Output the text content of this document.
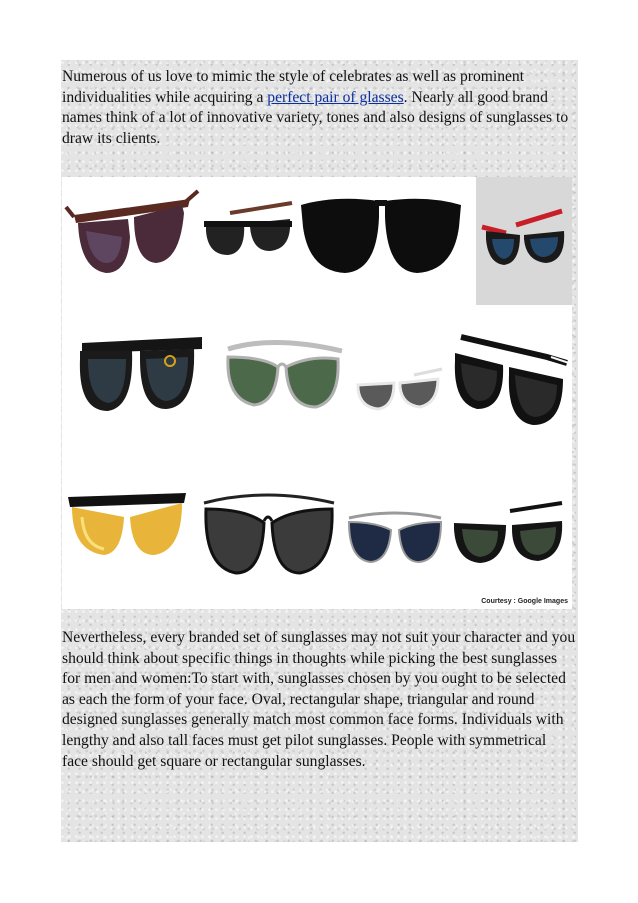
Numerous of us love to mimic the style of celebrates as well as prominent individualities while acquiring a perfect pair of glasses. Nearly all good brand names think of a lot of innovative variety, tones and also designs of sunglasses to draw its clients.

Courtesy : Google Images

Nevertheless, every branded set of sunglasses may not suit your character and you should think about specific things in thoughts while picking the best sunglasses for men and women:To start with, sunglasses chosen by you ought to be selected as each the form of your face. Oval, rectangular shape, triangular and round designed sunglasses generally match most common face forms. Individuals with lengthy and also tall faces must get pilot sunglasses. People with symmetrical face should get square or rectangular sunglasses.
